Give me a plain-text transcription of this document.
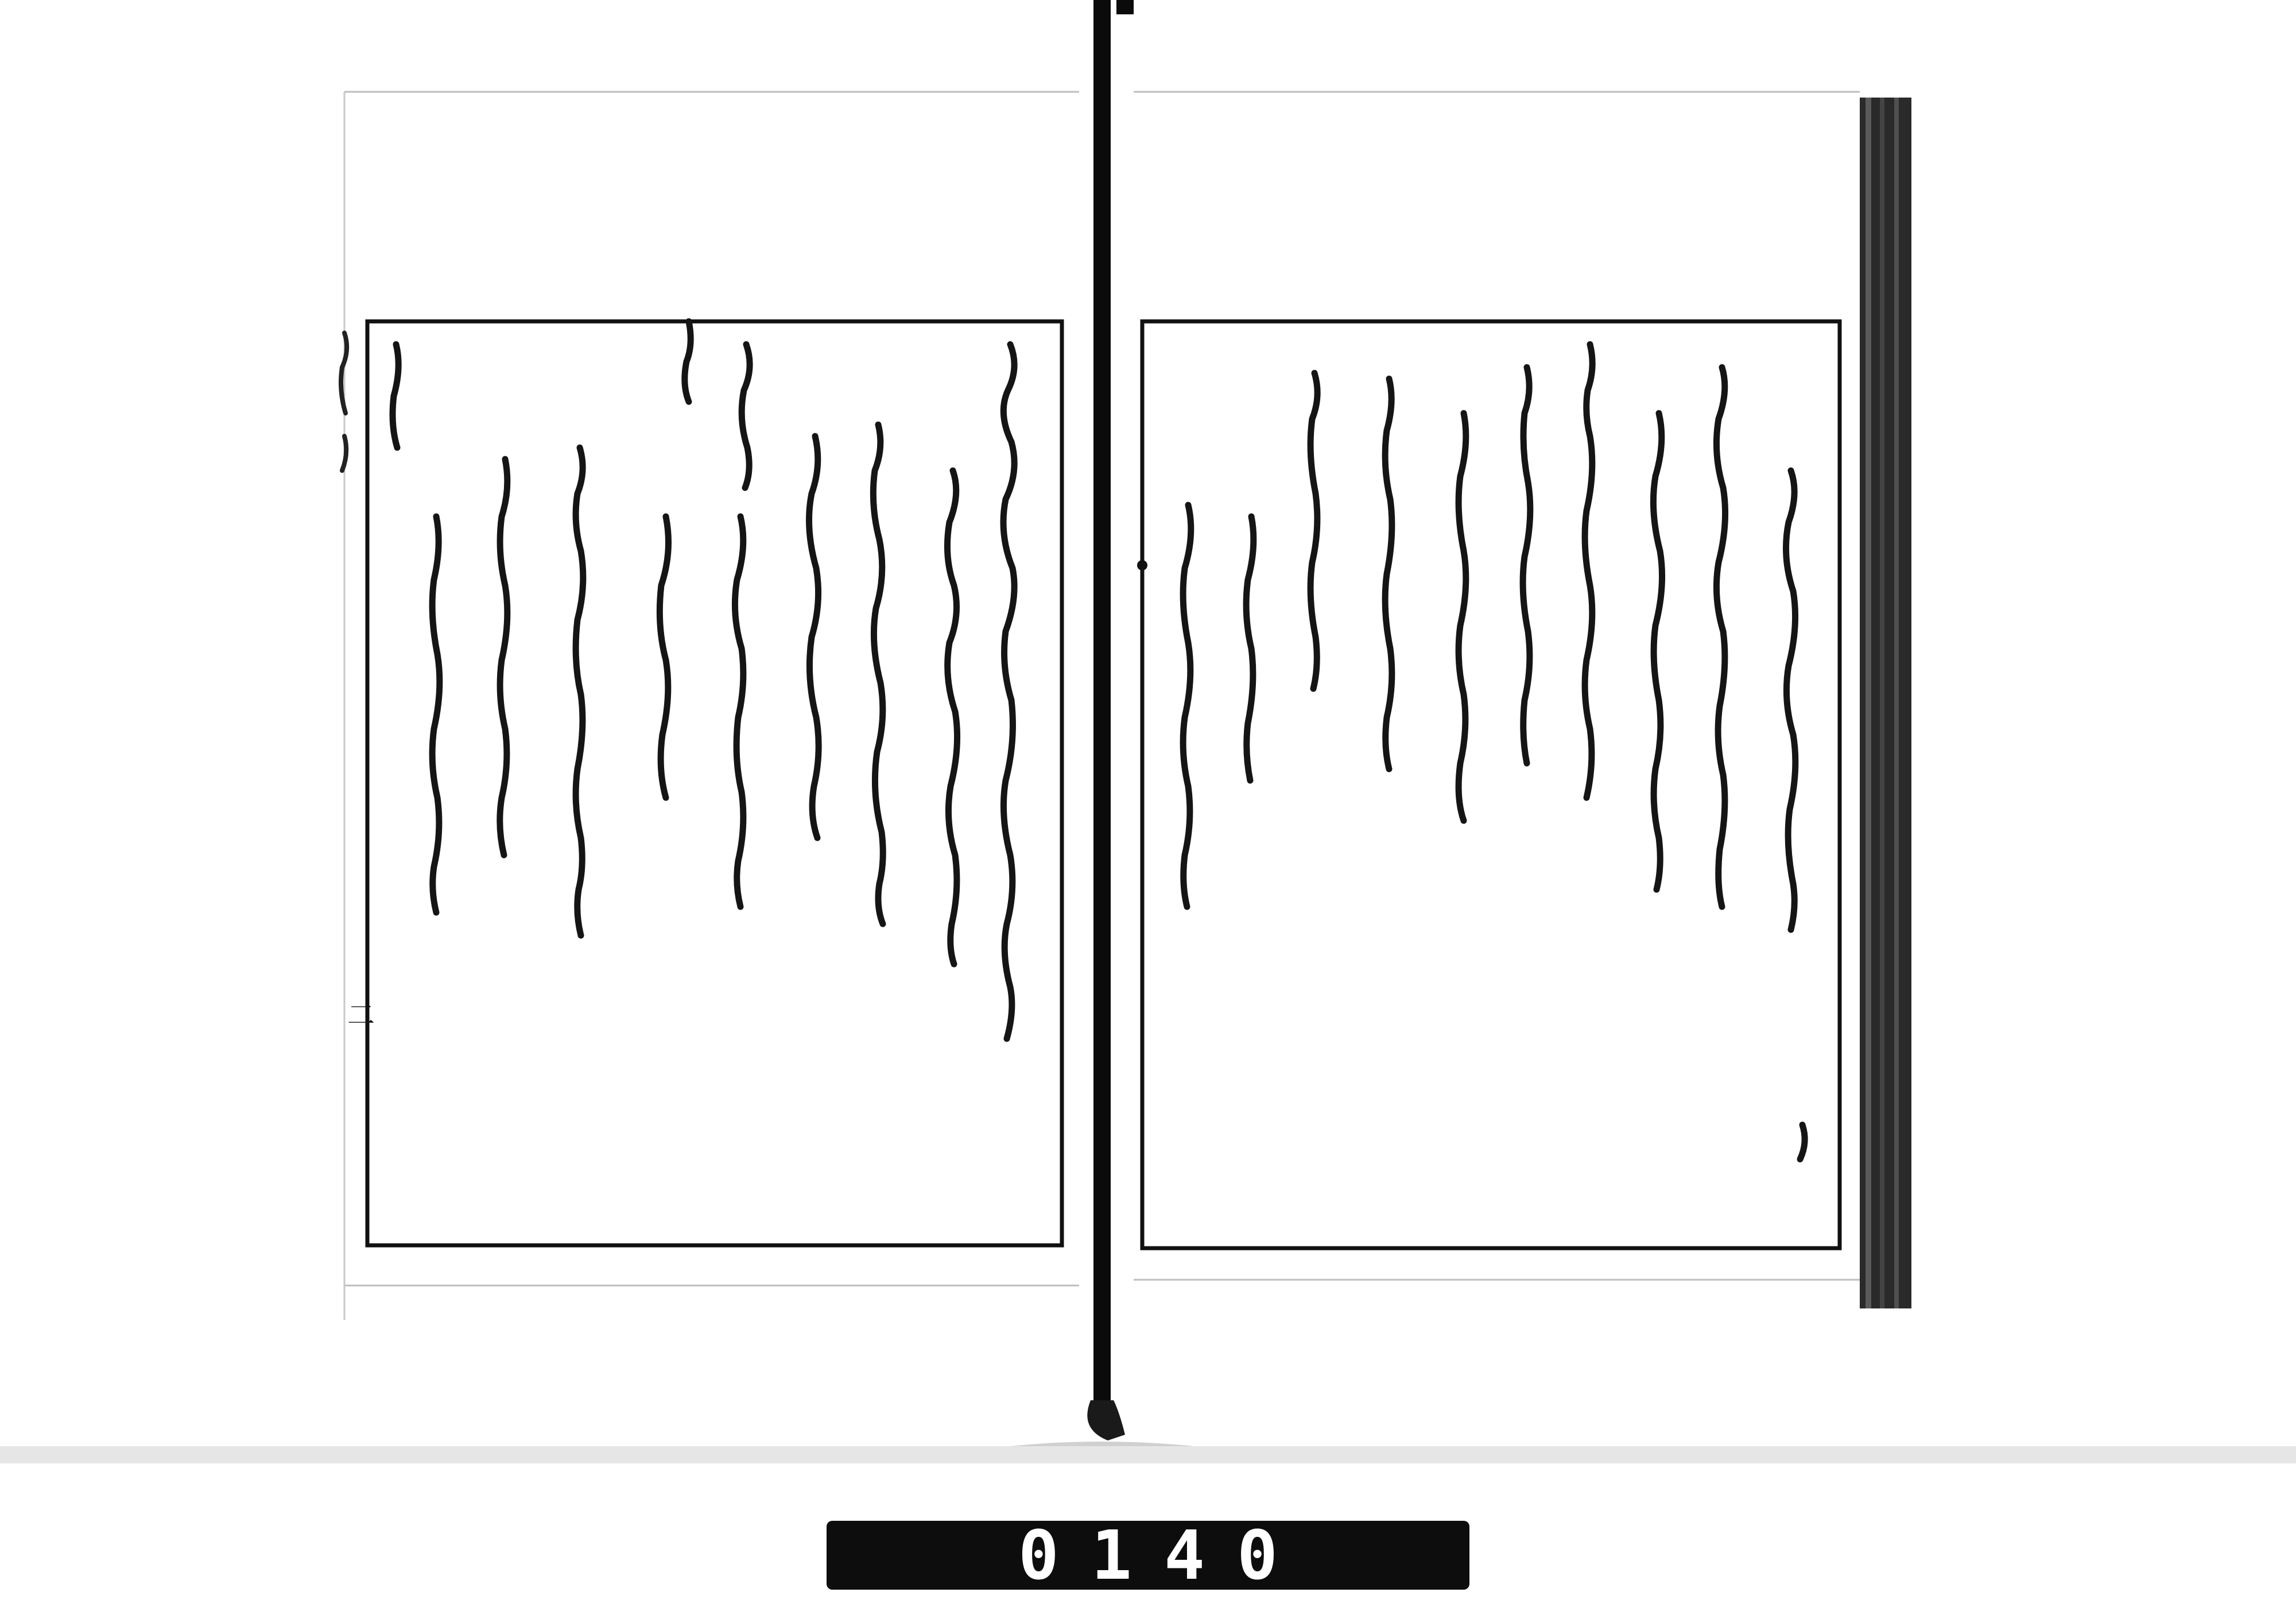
二
0140
